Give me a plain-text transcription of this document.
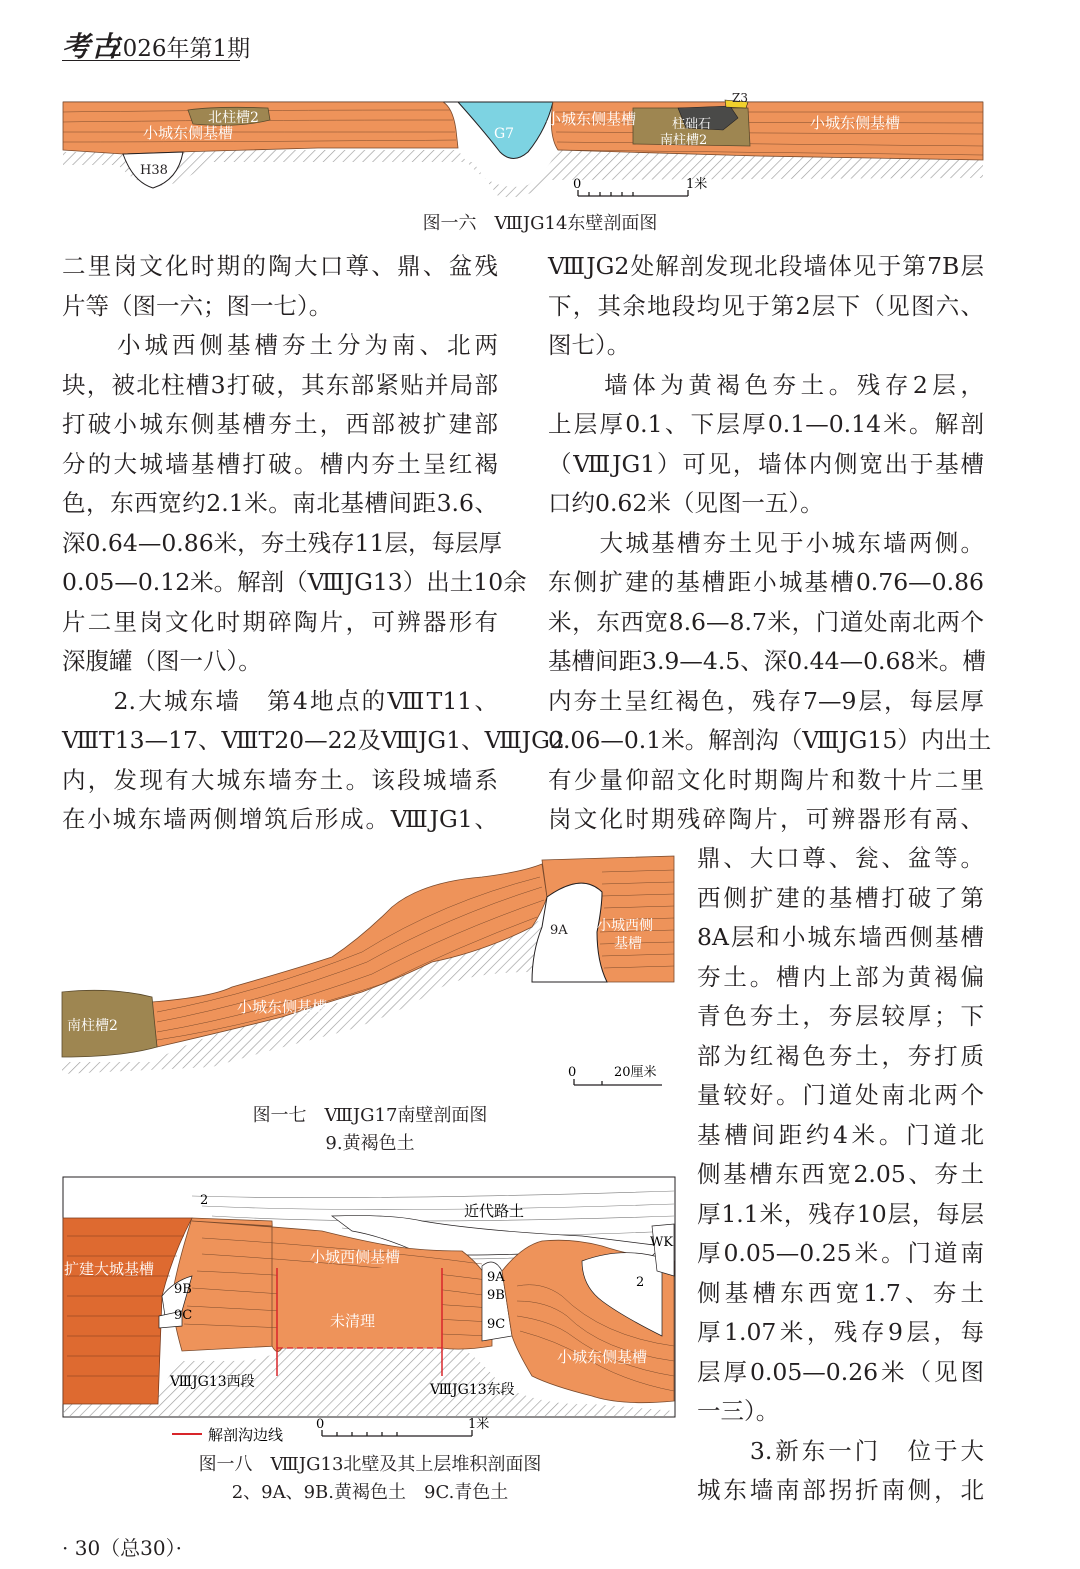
考古
2026年第1期
小城东侧基槽
北柱槽2
H38
G7
小城东侧基槽	柱础石
南柱槽2
Z3
小城东侧基槽
0	1米
图一六　ⅧJG14东壁剖面图
二里岗文化时期的陶大口尊、鼎、盆残
片等（图一六；图一七）。
　　小城西侧基槽夯土分为南、北两
块，被北柱槽3打破，其东部紧贴并局部
打破小城东侧基槽夯土，西部被扩建部
分的大城墙基槽打破。槽内夯土呈红褐
色，东西宽约2.1米。南北基槽间距3.6、
深0.64—0.86米，夯土残存11层，每层厚
0.05—0.12米。解剖（ⅧJG13）出土10余
片二里岗文化时期碎陶片，可辨器形有
深腹罐（图一八）。
　　2.大城东墙　第4地点的ⅧT11、
ⅧT13—17、ⅧT20—22及ⅧJG1、ⅧJG2
内，发现有大城东墙夯土。该段城墙系
在小城东墙两侧增筑后形成。ⅧJG1、
ⅧJG2处解剖发现北段墙体见于第7B层
下，其余地段均见于第2层下（见图六、
图七）。
　　墙体为黄褐色夯土。残存2层，
上层厚0.1、下层厚0.1—0.14米。解剖
（ⅧJG1）可见，墙体内侧宽出于基槽
口约0.62米（见图一五）。
　　大城基槽夯土见于小城东墙两侧。
东侧扩建的基槽距小城基槽0.76—0.86
米，东西宽8.6—8.7米，门道处南北两个
基槽间距3.9—4.5、深0.44—0.68米。槽
内夯土呈红褐色，残存7—9层，每层厚
0.06—0.1米。解剖沟（ⅧJG15）内出土
有少量仰韶文化时期陶片和数十片二里
岗文化时期残碎陶片，可辨器形有鬲、
鼎、大口尊、瓮、盆等。
西侧扩建的基槽打破了第
8A层和小城东墙西侧基槽
夯土。槽内上部为黄褐偏
青色夯土，夯层较厚；下
部为红褐色夯土，夯打质
量较好。门道处南北两个
基槽间距约4米。门道北
侧基槽东西宽2.05、夯土
厚1.1米，残存10层，每层
厚0.05—0.25米。门道南
侧基槽东西宽1.7、夯土
厚1.07米，残存9层，每
层厚0.05—0.26米（见图
一三）。
　　3.新东一门　位于大
城东墙南部拐折南侧，北
南柱槽2
小城东侧基槽
9A 小城西侧
基槽
0	20厘米
图一七　ⅧJG17南壁剖面图
9.黄褐色土
2
近代路土
WK
扩建大城基槽
小城西侧基槽
9B
9C	未清理
9A
9B
9C
2
小城东侧基槽
ⅧJG13西段	ⅧJG13东段
解剖沟边线
0	1米
图一八　ⅧJG13北壁及其上层堆积剖面图
2、9A、9B.黄褐色土　9C.青色土
· 30（总30）·
